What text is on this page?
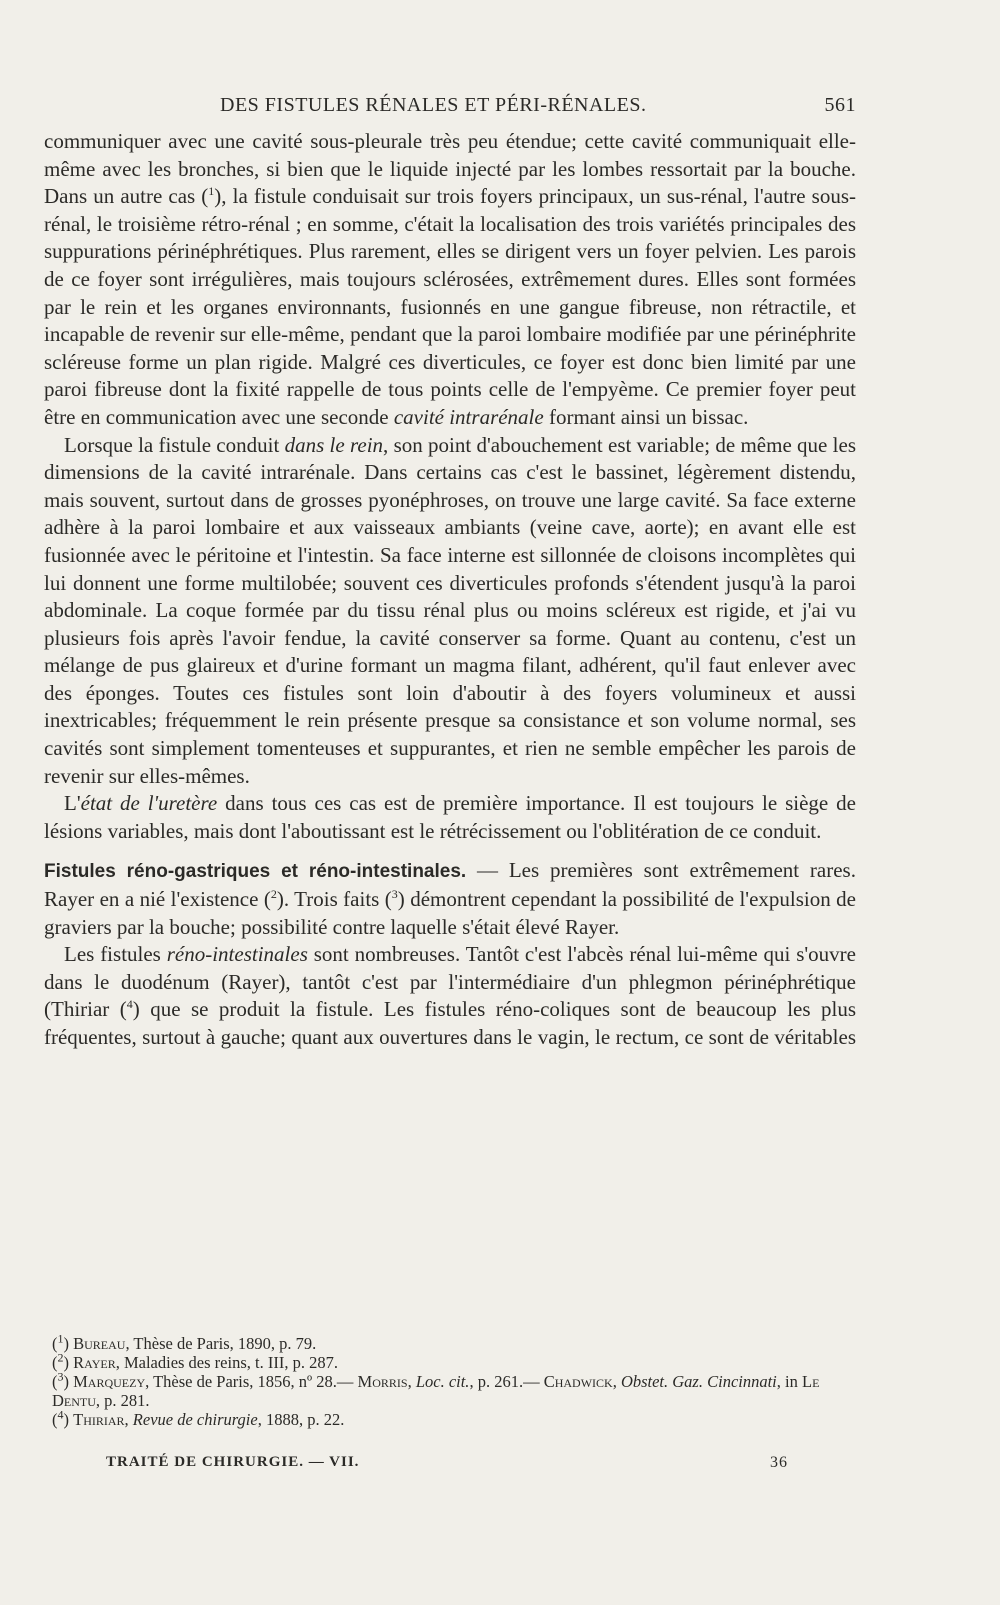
DES FISTULES RÉNALES ET PÉRI-RÉNALES.	561

communiquer avec une cavité sous-pleurale très peu étendue; cette cavité communiquait elle-même avec les bronches, si bien que le liquide injecté par les lombes ressortait par la bouche. Dans un autre cas ($^1$), la fistule conduisait sur trois foyers principaux, un sus-rénal, l'autre sous-rénal, le troisième rétro-rénal ; en somme, c'était la localisation des trois variétés principales des suppurations périnéphrétiques. Plus rarement, elles se dirigent vers un foyer pelvien. Les parois de ce foyer sont irrégulières, mais toujours sclérosées, extrêmement dures. Elles sont formées par le rein et les organes environnants, fusionnés en une gangue fibreuse, non rétractile, et incapable de revenir sur elle-même, pendant que la paroi lombaire modifiée par une périnéphrite scléreuse forme un plan rigide. Malgré ces diverticules, ce foyer est donc bien limité par une paroi fibreuse dont la fixité rappelle de tous points celle de l'empyème. Ce premier foyer peut être en communication avec une seconde cavité intrarénale formant ainsi un bissac.

Lorsque la fistule conduit dans le rein, son point d'abouchement est variable; de même que les dimensions de la cavité intrarénale. Dans certains cas c'est le bassinet, légèrement distendu, mais souvent, surtout dans de grosses pyonéphroses, on trouve une large cavité. Sa face externe adhère à la paroi lombaire et aux vaisseaux ambiants (veine cave, aorte); en avant elle est fusionnée avec le péritoine et l'intestin. Sa face interne est sillonnée de cloisons incomplètes qui lui donnent une forme multilobée; souvent ces diverticules profonds s'étendent jusqu'à la paroi abdominale. La coque formée par du tissu rénal plus ou moins scléreux est rigide, et j'ai vu plusieurs fois après l'avoir fendue, la cavité conserver sa forme. Quant au contenu, c'est un mélange de pus glaireux et d'urine formant un magma filant, adhérent, qu'il faut enlever avec des éponges. Toutes ces fistules sont loin d'aboutir à des foyers volumineux et aussi inextricables; fréquemment le rein présente presque sa consistance et son volume normal, ses cavités sont simplement tomenteuses et suppurantes, et rien ne semble empêcher les parois de revenir sur elles-mêmes.

L'état de l'uretère dans tous ces cas est de première importance. Il est toujours le siège de lésions variables, mais dont l'aboutissant est le rétrécissement ou l'oblitération de ce conduit.

Fistules réno-gastriques et réno-intestinales. — Les premières sont extrêmement rares. Rayer en a nié l'existence ($^2$). Trois faits ($^3$) démontrent cependant la possibilité de l'expulsion de graviers par la bouche; possibilité contre laquelle s'était élevé Rayer.

Les fistules réno-intestinales sont nombreuses. Tantôt c'est l'abcès rénal lui-même qui s'ouvre dans le duodénum (Rayer), tantôt c'est par l'intermédiaire d'un phlegmon périnéphrétique (Thiriar ($^4$) que se produit la fistule. Les fistules réno-coliques sont de beaucoup les plus fréquentes, surtout à gauche; quant aux ouvertures dans le vagin, le rectum, ce sont de véritables

($^1$) Bureau, Thèse de Paris, 1890, p. 79.
($^2$) Rayer, Maladies des reins, t. III, p. 287.
($^3$) Marquezy, Thèse de Paris, 1856, nº 28.— Morris, Loc. cit., p. 261.— Chadwick, Obstet. Gaz. Cincinnati, in Le Dentu, p. 281.
($^4$) Thiriar, Revue de chirurgie, 1888, p. 22.
TRAITÉ DE CHIRURGIE. — VII.	36
